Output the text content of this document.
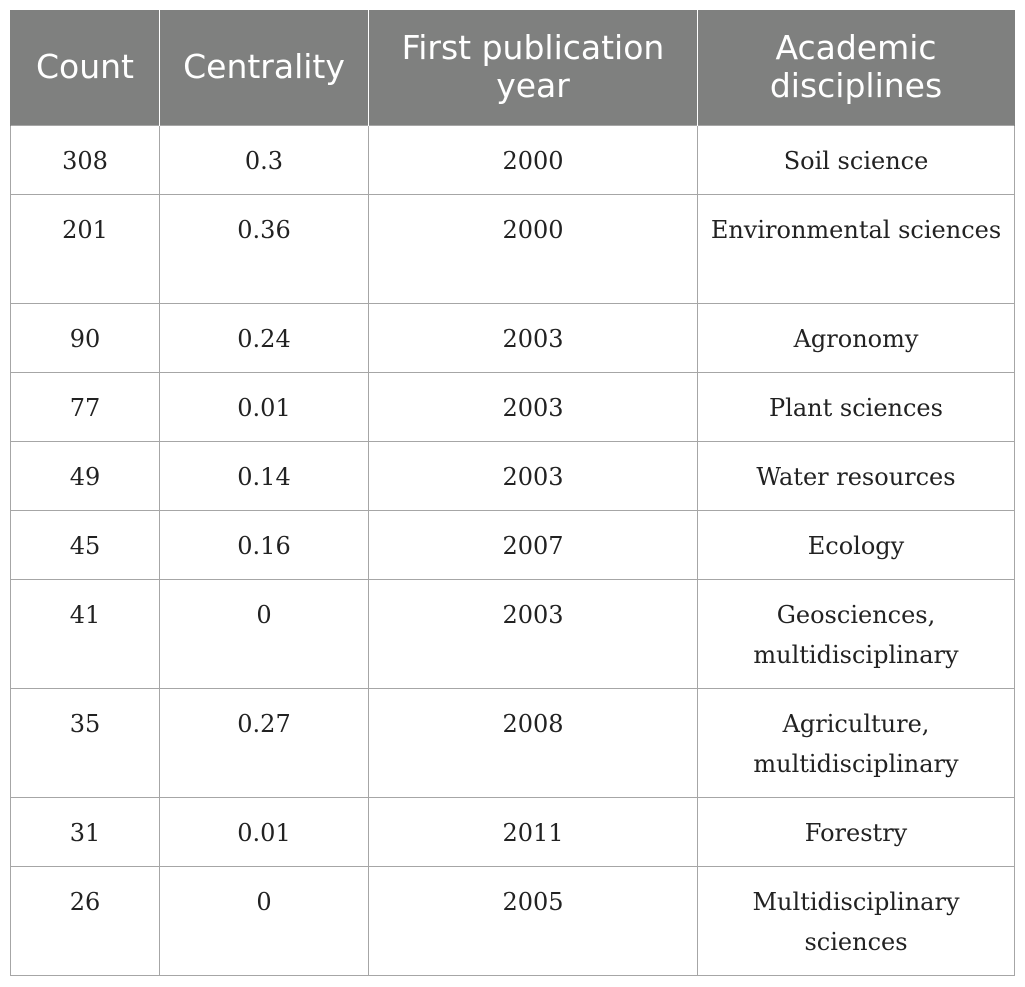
Count	Centrality	First publication year	Academic disciplines
308	0.3	2000	Soil science
201	0.36	2000	Environmental sciences
90	0.24	2003	Agronomy
77	0.01	2003	Plant sciences
49	0.14	2003	Water resources
45	0.16	2007	Ecology
41	0	2003	Geosciences, multidisciplinary
35	0.27	2008	Agriculture, multidisciplinary
31	0.01	2011	Forestry
26	0	2005	Multidisciplinary sciences
